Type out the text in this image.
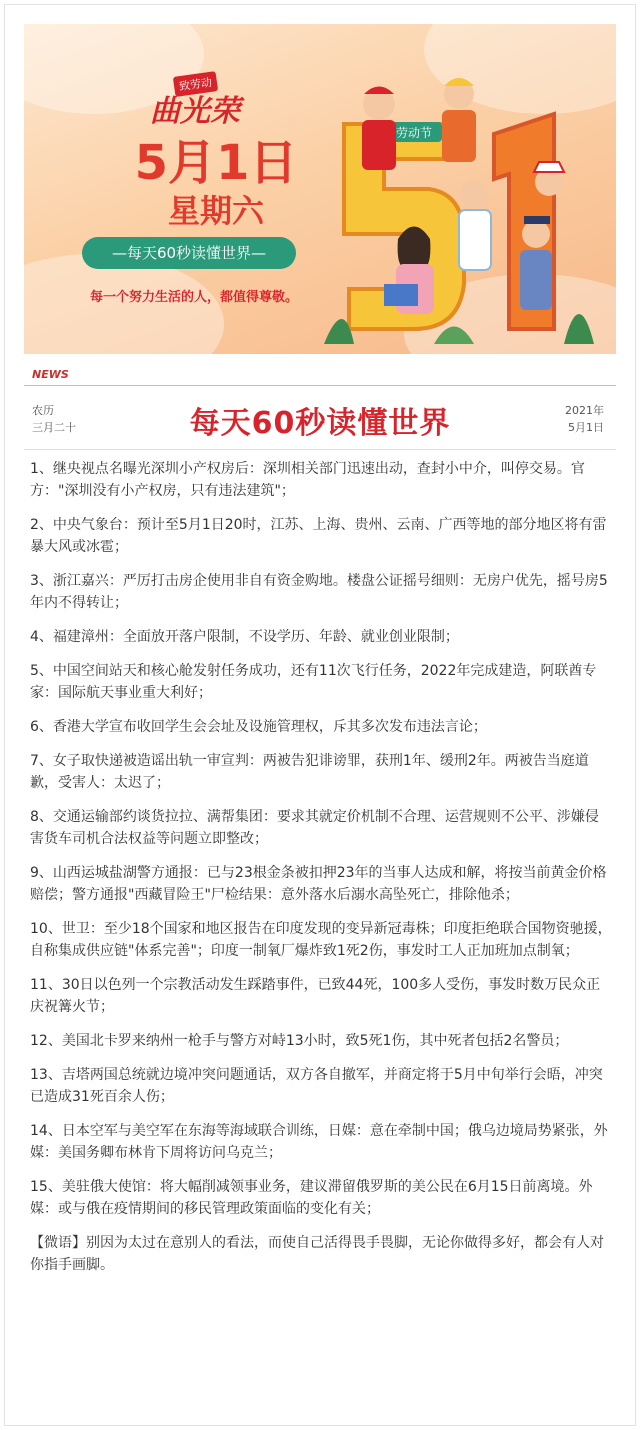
致劳动
曲光荣
5月1日
星期六
—每天60秒读懂世界—
每一个努力生活的人，都值得尊敬。
劳动节
NEWS
农历
三月二十	每天60秒读懂世界	2021年
5月1日

1、继央视点名曝光深圳小产权房后：深圳相关部门迅速出动，查封小中介，叫停交易。官方："深圳没有小产权房，只有违法建筑"；

2、中央气象台：预计至5月1日20时，江苏、上海、贵州、云南、广西等地的部分地区将有雷暴大风或冰雹；

3、浙江嘉兴：严厉打击房企使用非自有资金购地。楼盘公证摇号细则：无房户优先，摇号房5年内不得转让；

4、福建漳州：全面放开落户限制，不设学历、年龄、就业创业限制；

5、中国空间站天和核心舱发射任务成功，还有11次飞行任务，2022年完成建造，阿联酋专家：国际航天事业重大利好；

6、香港大学宣布收回学生会会址及设施管理权，斥其多次发布违法言论；

7、女子取快递被造谣出轨一审宣判：两被告犯诽谤罪，获刑1年、缓刑2年。两被告当庭道歉，受害人：太迟了；

8、交通运输部约谈货拉拉、满帮集团：要求其就定价机制不合理、运营规则不公平、涉嫌侵害货车司机合法权益等问题立即整改；

9、山西运城盐湖警方通报：已与23根金条被扣押23年的当事人达成和解，将按当前黄金价格赔偿；警方通报"西藏冒险王"尸检结果：意外落水后溺水高坠死亡，排除他杀；

10、世卫：至少18个国家和地区报告在印度发现的变异新冠毒株；印度拒绝联合国物资驰援，自称集成供应链"体系完善"；印度一制氧厂爆炸致1死2伤，事发时工人正加班加点制氧；

11、30日以色列一个宗教活动发生踩踏事件，已致44死，100多人受伤，事发时数万民众正庆祝篝火节；

12、美国北卡罗来纳州一枪手与警方对峙13小时，致5死1伤，其中死者包括2名警员；

13、吉塔两国总统就边境冲突问题通话，双方各自撤军，并商定将于5月中旬举行会晤，冲突已造成31死百余人伤；

14、日本空军与美空军在东海等海域联合训练，日媒：意在牵制中国；俄乌边境局势紧张，外媒：美国务卿布林肯下周将访问乌克兰；

15、美驻俄大使馆：将大幅削减领事业务，建议滞留俄罗斯的美公民在6月15日前离境。外媒：或与俄在疫情期间的移民管理政策面临的变化有关；

【微语】别因为太过在意别人的看法，而使自己活得畏手畏脚，无论你做得多好，都会有人对你指手画脚。
